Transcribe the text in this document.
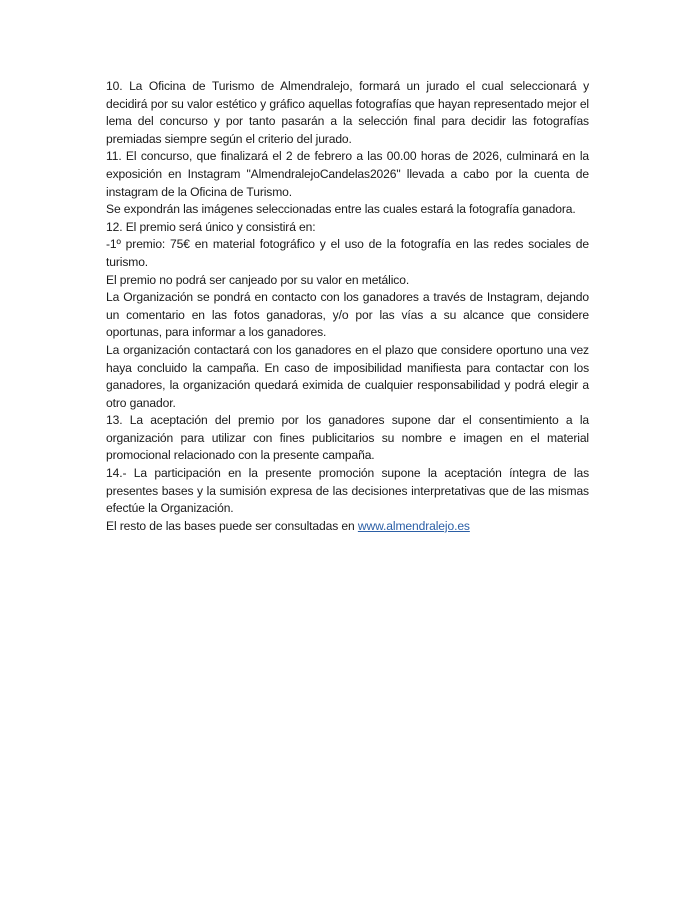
10. La Oficina de Turismo de Almendralejo, formará un jurado el cual seleccionará y decidirá por su valor estético y gráfico aquellas fotografías que hayan representado mejor el lema del concurso y por tanto pasarán a la selección final para decidir las fotografías premiadas siempre según el criterio del jurado.

11. El concurso, que finalizará el 2 de febrero a las 00.00 horas de 2026, culminará en la exposición en Instagram "AlmendralejoCandelas2026" llevada a cabo por la cuenta de instagram de la Oficina de Turismo.

Se expondrán las imágenes seleccionadas entre las cuales estará la fotografía ganadora.

12. El premio será único y consistirá en:

-1º premio: 75€ en material fotográfico y el uso de la fotografía en las redes sociales de turismo.

El premio no podrá ser canjeado por su valor en metálico.

La Organización se pondrá en contacto con los ganadores a través de Instagram, dejando un comentario en las fotos ganadoras, y/o por las vías a su alcance que considere oportunas, para informar a los ganadores.

La organización contactará con los ganadores en el plazo que considere oportuno una vez haya concluido la campaña. En caso de imposibilidad manifiesta para contactar con los ganadores, la organización quedará eximida de cualquier responsabilidad y podrá elegir a otro ganador.

13. La aceptación del premio por los ganadores supone dar el consentimiento a la organización para utilizar con fines publicitarios su nombre e imagen en el material promocional relacionado con la presente campaña.

14.- La participación en la presente promoción supone la aceptación íntegra de las presentes bases y la sumisión expresa de las decisiones interpretativas que de las mismas efectúe la Organización.

El resto de las bases puede ser consultadas en www.almendralejo.es
